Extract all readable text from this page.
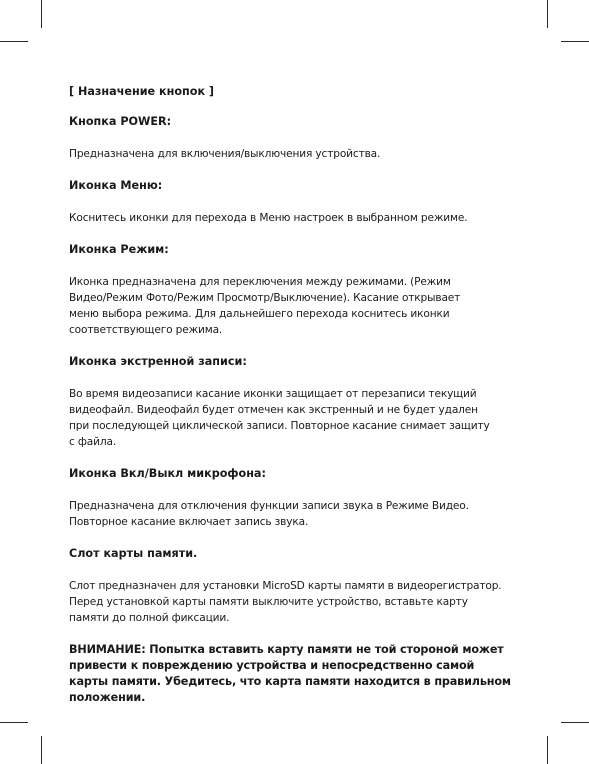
[ Назначение кнопок ]
Кнопка POWER:
Предназначена для включения/выключения устройства.
Иконка Меню:
Коснитесь иконки для перехода в Меню настроек в выбранном режиме.
Иконка Режим:
Иконка предназначена для переключения между режимами. (Режим
Видео/Режим Фото/Режим Просмотр/Выключение). Касание открывает
меню выбора режима. Для дальнейшего перехода коснитесь иконки
соответствующего режима.
Иконка экстренной записи:
Во время видеозаписи касание иконки защищает от перезаписи текущий
видеофайл. Видеофайл будет отмечен как экстренный и не будет удален
при последующей циклической записи. Повторное касание снимает защиту
с файла.
Иконка Вкл/Выкл микрофона:
Предназначена для отключения функции записи звука в Режиме Видео.
Повторное касание включает запись звука.
Слот карты памяти.
Слот предназначен для установки MicroSD карты памяти в видеорегистратор.
Перед установкой карты памяти выключите устройство, вставьте карту
памяти до полной фиксации.
ВНИМАНИЕ: Попытка вставить карту памяти не той стороной может
привести к повреждению устройства и непосредственно самой
карты памяти. Убедитесь, что карта памяти находится в правильном
положении.
